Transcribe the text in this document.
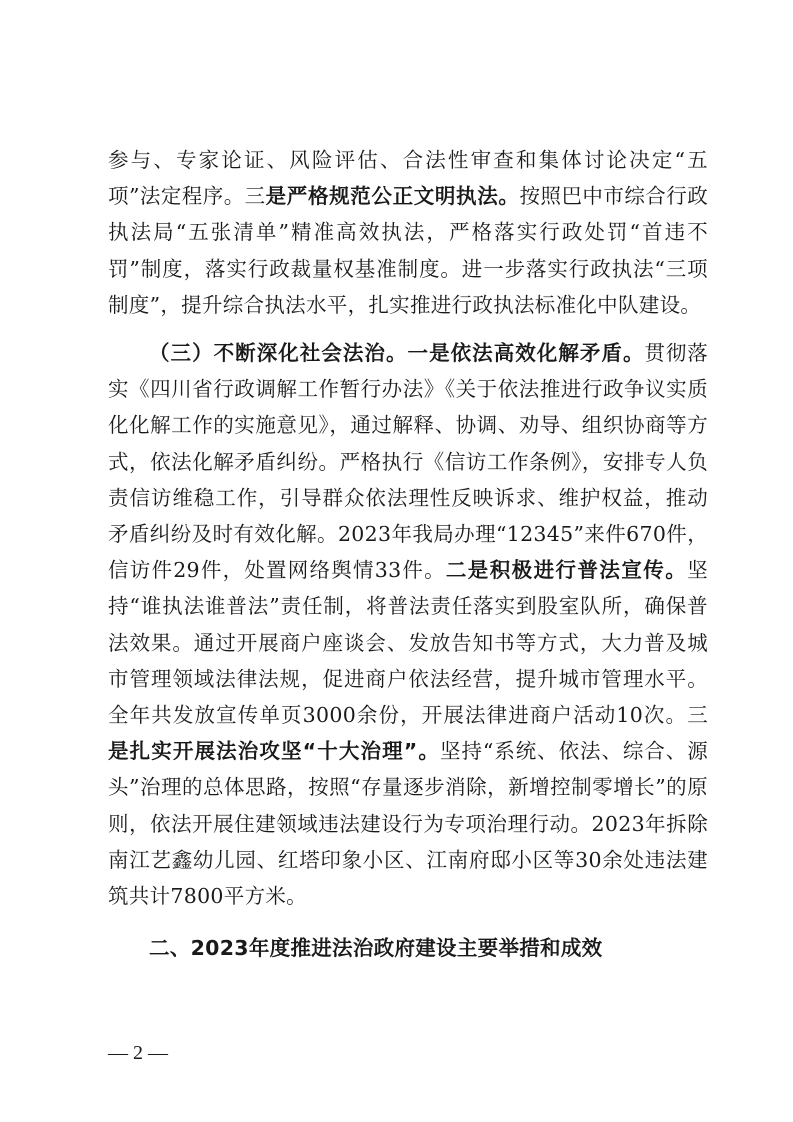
参与、专家论证、风险评估、合法性审查和集体讨论决定“五项”法定程序。三是严格规范公正文明执法。按照巴中市综合行政执法局“五张清单”精准高效执法，严格落实行政处罚“首违不罚”制度，落实行政裁量权基准制度。进一步落实行政执法“三项制度”，提升综合执法水平，扎实推进行政执法标准化中队建设。

（三）不断深化社会法治。一是依法高效化解矛盾。贯彻落实《四川省行政调解工作暂行办法》《关于依法推进行政争议实质化化解工作的实施意见》，通过解释、协调、劝导、组织协商等方式，依法化解矛盾纠纷。严格执行《信访工作条例》，安排专人负责信访维稳工作，引导群众依法理性反映诉求、维护权益，推动矛盾纠纷及时有效化解。2023年我局办理“12345”来件670件，信访件29件，处置网络舆情33件。二是积极进行普法宣传。坚持“谁执法谁普法”责任制，将普法责任落实到股室队所，确保普法效果。通过开展商户座谈会、发放告知书等方式，大力普及城市管理领域法律法规，促进商户依法经营，提升城市管理水平。全年共发放宣传单页3000余份，开展法律进商户活动10次。三是扎实开展法治攻坚“十大治理”。坚持“系统、依法、综合、源头”治理的总体思路，按照“存量逐步消除，新增控制零增长”的原则，依法开展住建领域违法建设行为专项治理行动。2023年拆除南江艺鑫幼儿园、红塔印象小区、江南府邸小区等30余处违法建筑共计7800平方米。

二、2023年度推进法治政府建设主要举措和成效

— 2 —
